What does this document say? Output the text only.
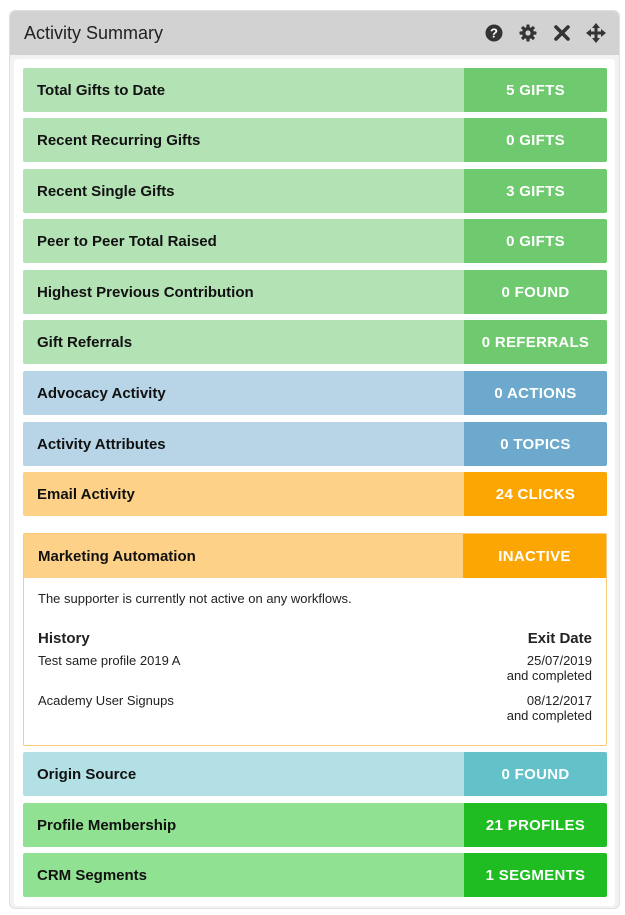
Activity Summary	?
Total Gifts to Date	5 GIFTS
Recent Recurring Gifts	0 GIFTS
Recent Single Gifts	3 GIFTS
Peer to Peer Total Raised	0 GIFTS
Highest Previous Contribution	0 FOUND
Gift Referrals	0 REFERRALS
Advocacy Activity	0 ACTIONS
Activity Attributes	0 TOPICS
Email Activity	24 CLICKS
Marketing Automation	INACTIVE
The supporter is currently not active on any workflows.
History	Exit Date
Test same profile 2019 A	25/07/2019
and completed
Academy User Signups	08/12/2017
and completed
Origin Source	0 FOUND
Profile Membership	21 PROFILES
CRM Segments	1 SEGMENTS
